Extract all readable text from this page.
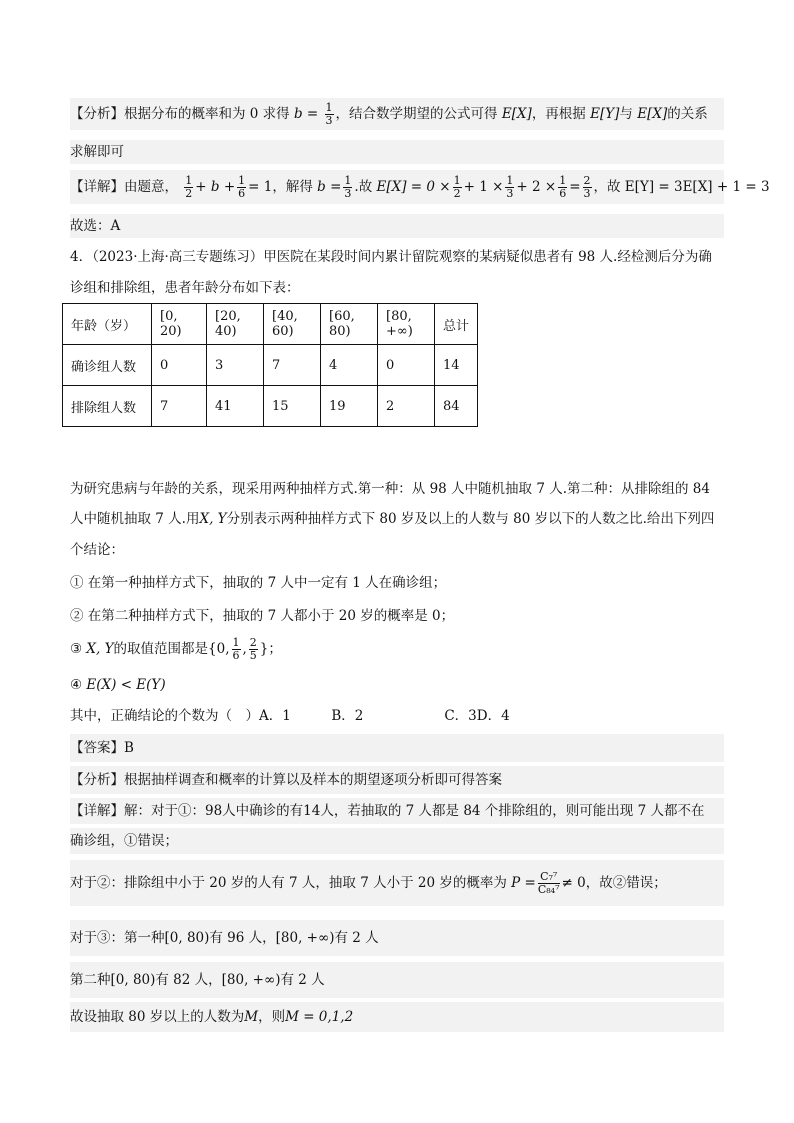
【分析】根据分布的概率和为 0 求得 $b = \frac{1}{3}$ ，结合数学期望的公式可得 E[X]，再根据 E[Y]与 E[X]的关系
求解即可
【详解】由题意， $\frac{1}{2} + b + \frac{1}{6} = 1$，解得 $b = \frac{1}{3}$ .故 $E[X] = 0 \times \frac{1}{2} + 1 \times \frac{1}{3} + 2 \times \frac{1}{6} = \frac{2}{3}$ ，故 E[Y] = 3E[X] + 1 = 3
故选：A
4．（2023·上海·高三专题练习）甲医院在某段时间内累计留院观察的某病疑似患者有 98 人.经检测后分为确
诊组和排除组，患者年龄分布如下表：
年龄（岁）	[0, 20)	[20, 40)	[40, 60)	[60, 80)	[80, +∞)	总计
确诊组人数	0	3	7	4	0	14
排除组人数	7	41	15	19	2	84
为研究患病与年龄的关系，现采用两种抽样方式.第一种：从 98 人中随机抽取 7 人.第二种：从排除组的 84
人中随机抽取 7 人.用X, Y分别表示两种抽样方式下 80 岁及以上的人数与 80 岁以下的人数之比.给出下列四
个结论：
① 在第一种抽样方式下，抽取的 7 人中一定有 1 人在确诊组；
② 在第二种抽样方式下，抽取的 7 人都小于 20 岁的概率是 0；
③ X, Y的取值范围都是{0, $\frac{1}{6}$ , $\frac{2}{5}$ }；
④ E(X) < E(Y)
其中，正确结论的个数为（　）A．1　　　B．2　　　　　　C．3D．4
【答案】B
【分析】根据抽样调查和概率的计算以及样本的期望逐项分析即可得答案
【详解】解：对于①：98人中确诊的有14人，若抽取的 7 人都是 84 个排除组的，则可能出现 7 人都不在
确诊组，①错误；
对于②：排除组中小于 20 岁的人有 7 人，抽取 7 人小于 20 岁的概率为 $P = \frac{\text{C₇⁷}}{\text{C₈₄⁷}} \ne 0$，故②错误；
对于③：第一种[0, 80)有 96 人，[80, +∞)有 2 人
第二种[0, 80)有 82 人，[80, +∞)有 2 人
故设抽取 80 岁以上的人数为M，则M = 0,1,2
